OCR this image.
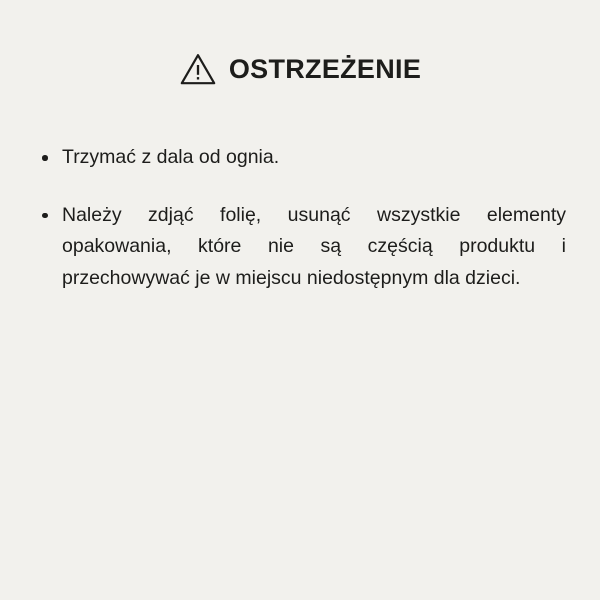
OSTRZEŻENIE
Trzymać z dala od ognia.
Należy zdjąć folię, usunąć wszystkie elementy opakowania, które nie są częścią produktu i przechowywać je w miejscu niedostępnym dla dzieci.
